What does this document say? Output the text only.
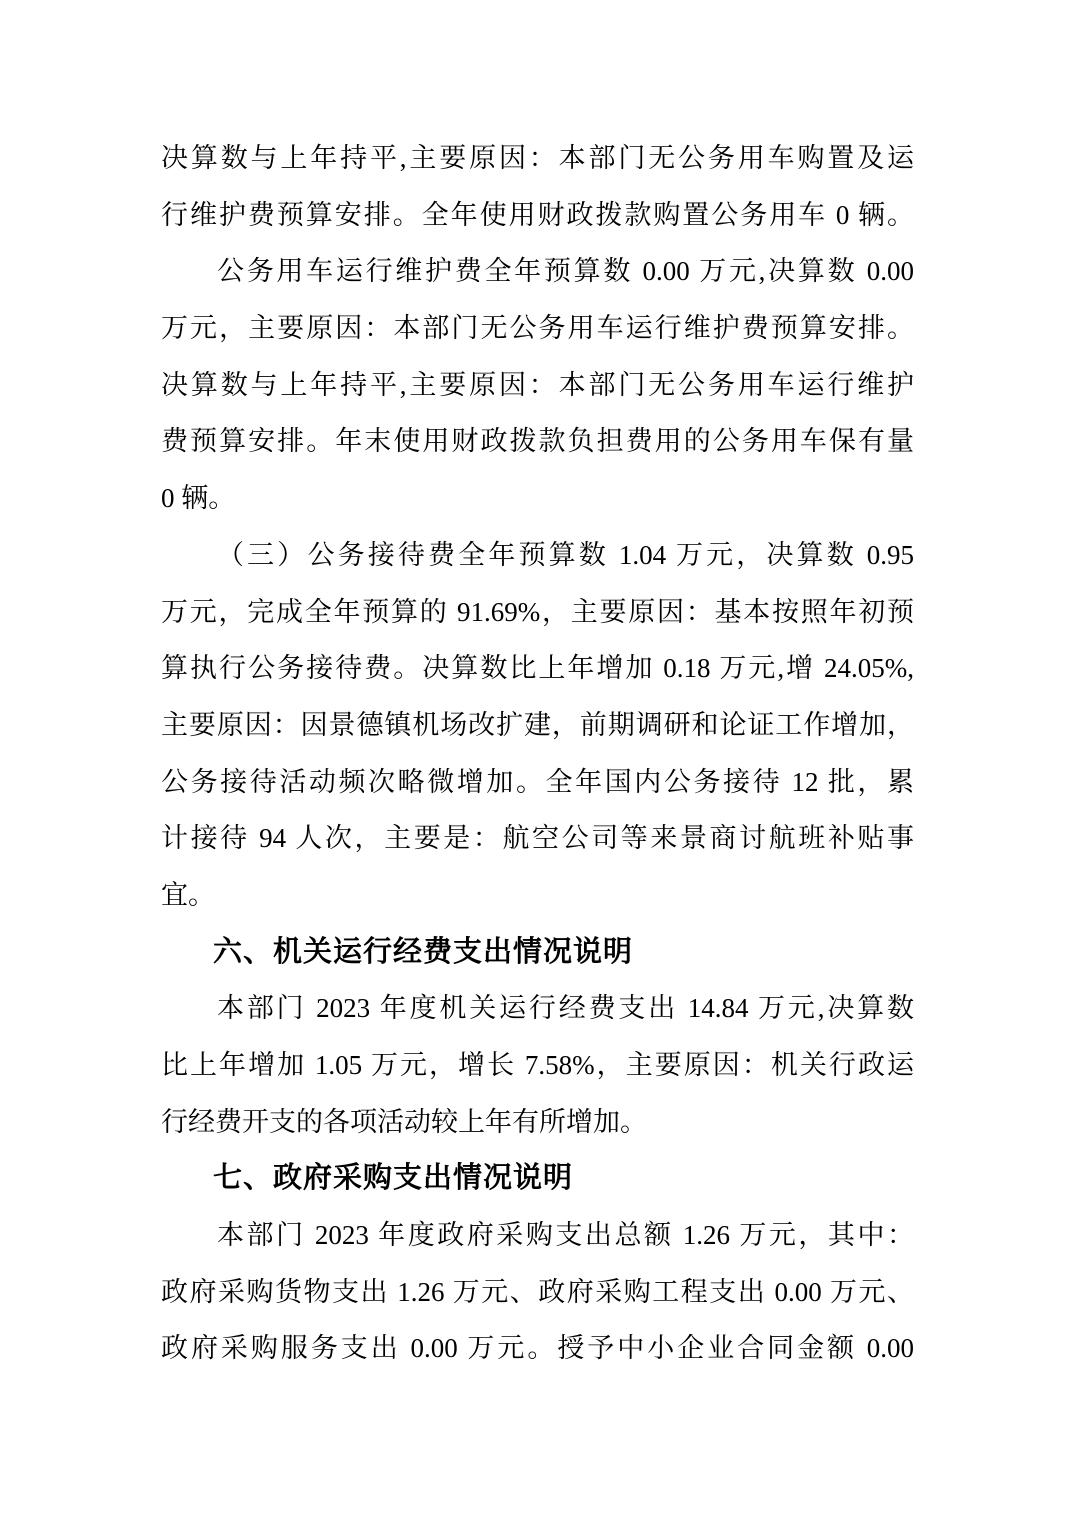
决算数与上年持平,主要原因：本部门无公务用车购置及运
行维护费预算安排。全年使用财政拨款购置公务用车 0 辆。
公务用车运行维护费全年预算数 0.00 万元,决算数 0.00
万元，主要原因：本部门无公务用车运行维护费预算安排。
决算数与上年持平,主要原因：本部门无公务用车运行维护
费预算安排。年末使用财政拨款负担费用的公务用车保有量
0 辆。
（三）公务接待费全年预算数 1.04 万元，决算数 0.95
万元，完成全年预算的 91.69%，主要原因：基本按照年初预
算执行公务接待费。决算数比上年增加 0.18 万元,增 24.05%,
主要原因：因景德镇机场改扩建，前期调研和论证工作增加，
公务接待活动频次略微增加。全年国内公务接待 12 批，累
计接待 94 人次，主要是：航空公司等来景商讨航班补贴事
宜。
六、机关运行经费支出情况说明
本部门 2023 年度机关运行经费支出 14.84 万元,决算数
比上年增加 1.05 万元，增长 7.58%，主要原因：机关行政运
行经费开支的各项活动较上年有所增加。
七、政府采购支出情况说明
本部门 2023 年度政府采购支出总额 1.26 万元，其中：
政府采购货物支出 1.26 万元、政府采购工程支出 0.00 万元、
政府采购服务支出 0.00 万元。授予中小企业合同金额 0.00
